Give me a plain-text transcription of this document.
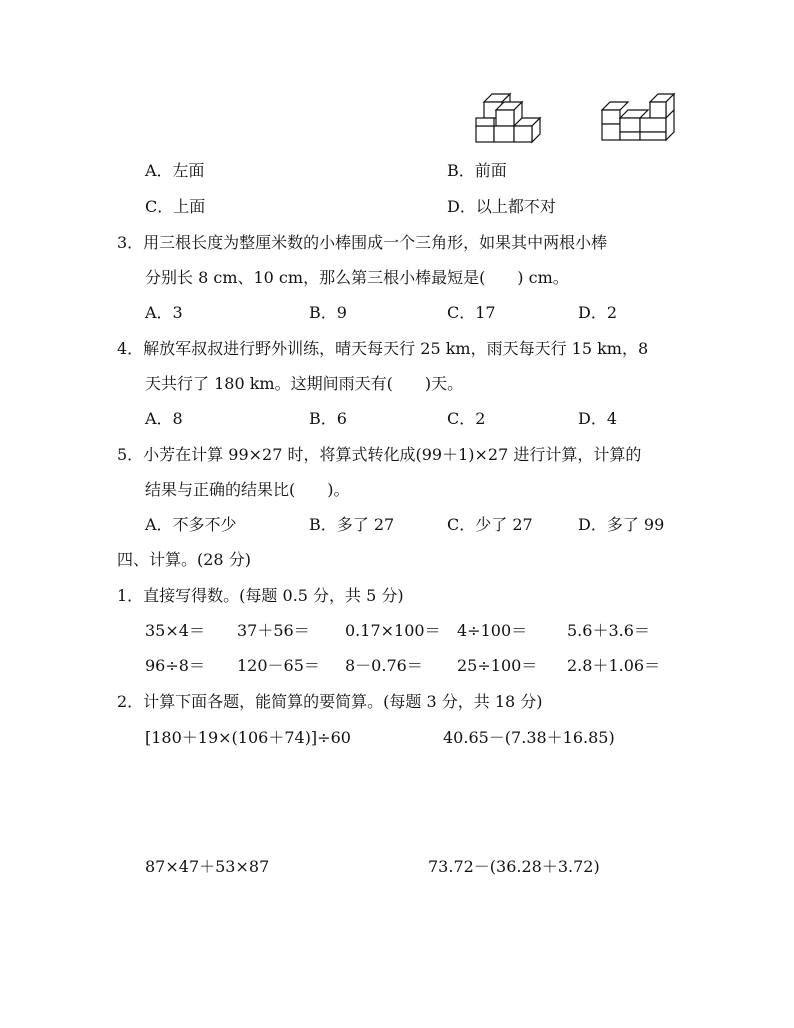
A．左面	B．前面
C．上面	D．以上都不对
3．用三根长度为整厘米数的小棒围成一个三角形，如果其中两根小棒
分别长 8 cm、10 cm，那么第三根小棒最短是(　　) cm。
A．3	B．9	C．17	D．2
4．解放军叔叔进行野外训练，晴天每天行 25 km，雨天每天行 15 km，8
天共行了 180 km。这期间雨天有(　　)天。
A．8	B．6	C．2	D．4
5．小芳在计算 99×27 时，将算式转化成(99＋1)×27 进行计算，计算的
结果与正确的结果比(　　)。
A．不多不少	B．多了 27	C．少了 27	D．多了 99
四、计算。(28 分)
1．直接写得数。(每题 0.5 分，共 5 分)
35×4＝ 37＋56＝ 0.17×100＝ 4÷100＝ 5.6＋3.6＝
96÷8＝ 120－65＝ 8－0.76＝ 25÷100＝ 2.8＋1.06＝
2．计算下面各题，能简算的要简算。(每题 3 分，共 18 分)
[180＋19×(106＋74)]÷60	40.65－(7.38＋16.85)
87×47＋53×87	73.72－(36.28＋3.72)
